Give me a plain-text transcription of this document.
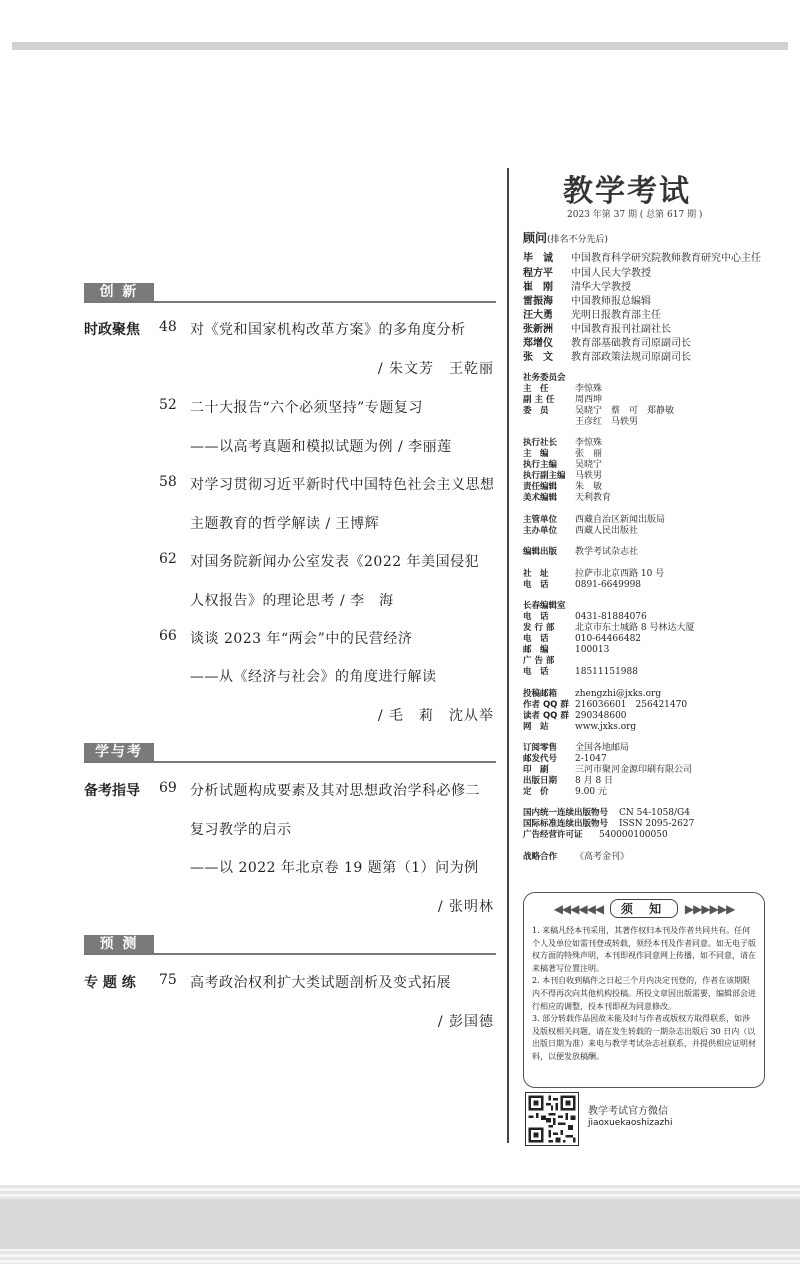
创 新
时政聚焦 48 对《党和国家机构改革方案》的多角度分析
/ 朱文芳　王乾丽
52 二十大报告“六个必须坚持”专题复习
——以高考真题和模拟试题为例 / 李丽莲
58 对学习贯彻习近平新时代中国特色社会主义思想
主题教育的哲学解读 / 王博辉
62 对国务院新闻办公室发表《2022 年美国侵犯
人权报告》的理论思考 / 李　海
66 谈谈 2023 年“两会”中的民营经济
——从《经济与社会》的角度进行解读
/ 毛　莉　沈从举
学与考
备考指导 69 分析试题构成要素及其对思想政治学科必修二
复习教学的启示
——以 2022 年北京卷 19 题第（1）问为例
/ 张明林
预 测
专 题 练 75 高考政治权利扩大类试题剖析及变式拓展
/ 彭国德
教学考试
2023 年第 37 期 ( 总第 617 期 )
顾问(排名不分先后)
毕　诚 中国教育科学研究院教师教育研究中心主任
程方平 中国人民大学教授
崔　刚 清华大学教授
雷振海 中国教师报总编辑
汪大勇 光明日报教育部主任
张新洲 中国教育报刊社副社长
郑增仪 教育部基础教育司原副司长
张　文 教育部政策法规司原副司长
社务委员会
主　任	李惊殊
副 主 任 周西坤
委　员	吴晓宁　蔡　可　郑静敏
王彦红　马轶男
执行社长 李惊殊
主　编	张　丽
执行主编 吴晓宁
执行副主编 马轶男
责任编辑 朱　敏
美术编辑 天利教育
主管单位 西藏自治区新闻出版局
主办单位 西藏人民出版社
编辑出版 教学考试杂志社
社　址	拉萨市北京西路 10 号
电　话	0891-6649998
长春编辑室
电　话	0431-81884076
发 行 部 北京市东土城路 8 号林达大厦
电　话	010-64466482
邮　编	100013
广 告 部
电　话	18511151988
投稿邮箱 zhengzhi@jxks.org
作者 QQ 群 216036601　256421470
读者 QQ 群 290348600
网　站	www.jxks.org
订阅零售 全国各地邮局
邮发代号 2-1047
印　刷	三河市聚河金源印刷有限公司
出版日期 8 月 8 日
定　价	9.00 元
国内统一连续出版物号 CN 54-1058/G4
国际标准连续出版物号 ISSN 2095-2627
广告经营许可证 540000100050
战略合作 《高考金刊》
◀◀◀◀◀◀ 须 知 ▶▶▶▶▶▶

1. 来稿凡经本刊采用，其著作权归本刊及作者共同共有。任何个人及单位如需刊登或转载，须经本刊及作者同意。如无电子版权方面的特殊声明，本刊即视作同意网上传播，如不同意，请在来稿著写位置注明。

2. 本刊自收到稿件之日起三个月内决定刊登的，作者在该期限内不得再次向其他机构投稿。所投文章因出版需要，编辑部会进行相应的调整，投本刊即视为同意修改。

3. 部分转载作品因故未能及时与作者或版权方取得联系，如涉及版权相关问题，请在发生转载的一期杂志出版后 30 日内（以出版日期为准）来电与教学考试杂志社联系，并提供相应证明材料，以便发放稿酬。

教学考试官方微信
jiaoxuekaoshizazhi
